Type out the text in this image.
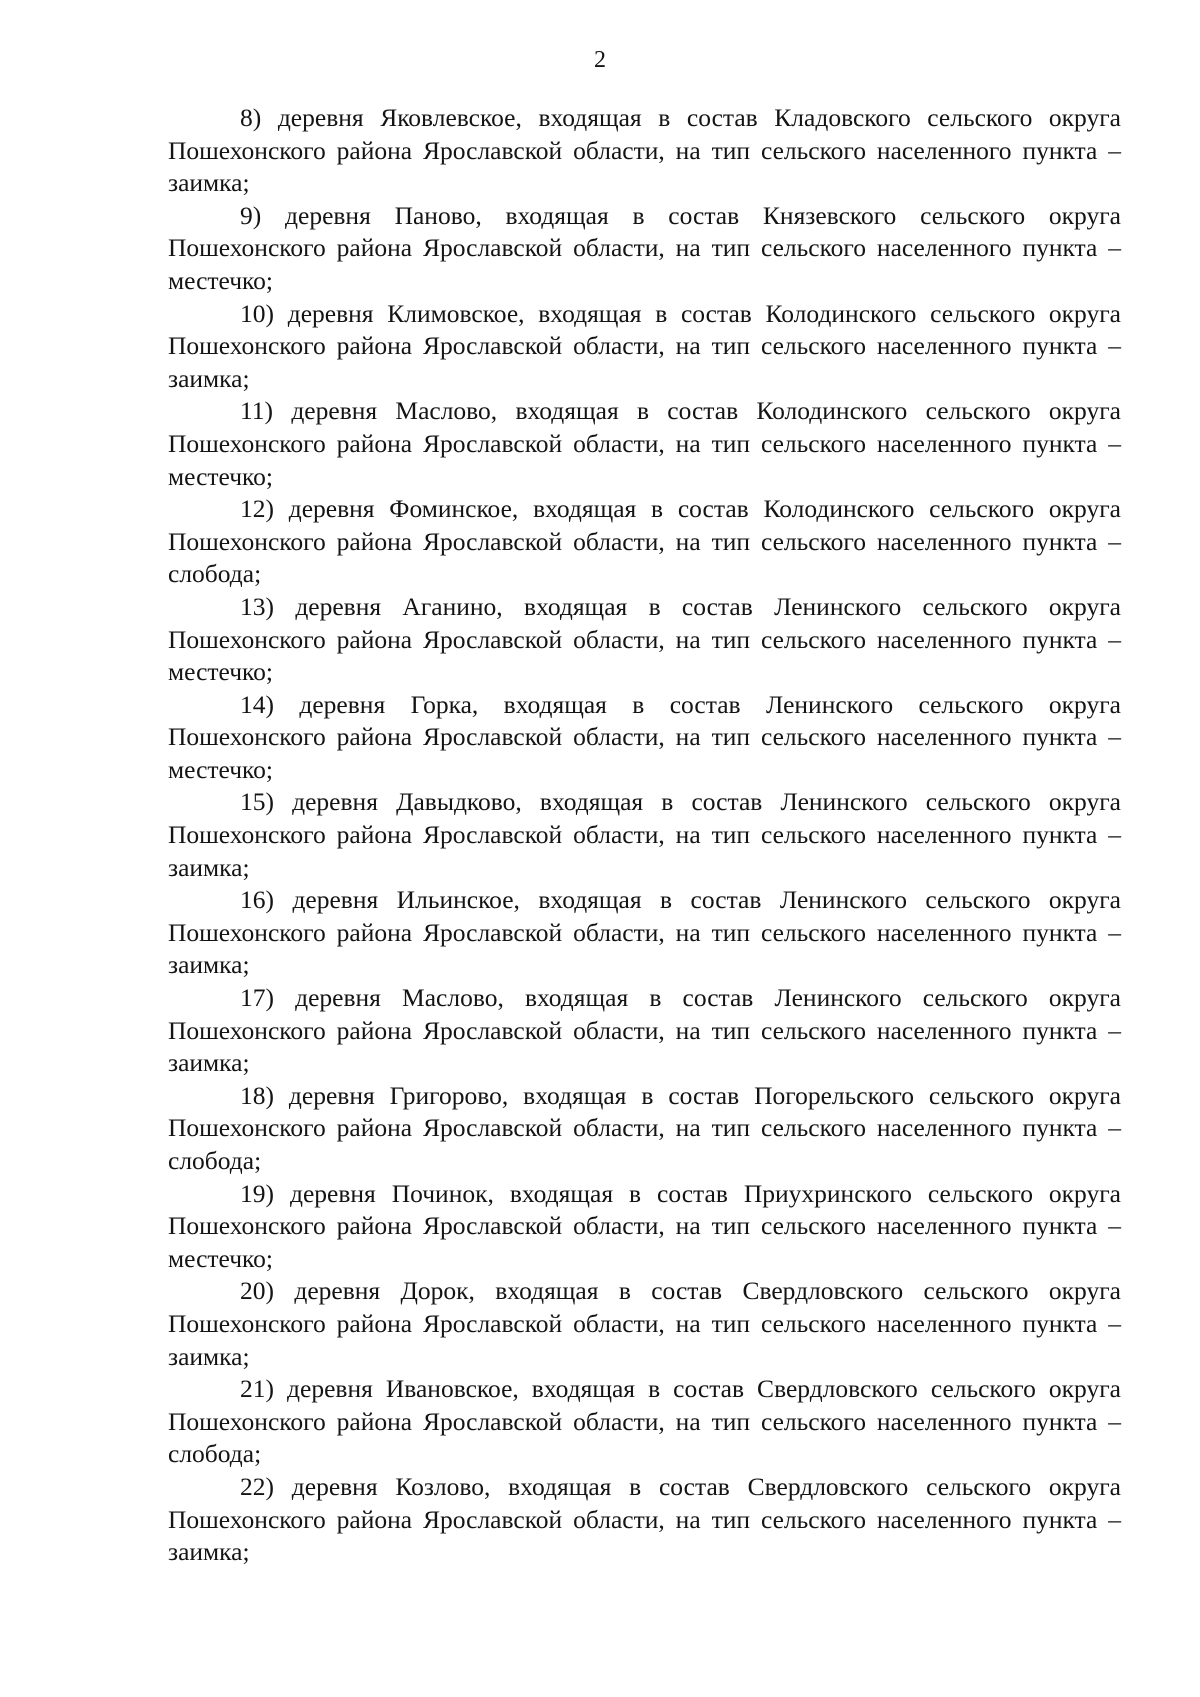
2

8) деревня Яковлевское, входящая в состав Кладовского сельского округа Пошехонского района Ярославской области, на тип сельского населенного пункта – заимка;

9) деревня Паново, входящая в состав Князевского сельского округа Пошехонского района Ярославской области, на тип сельского населенного пункта – местечко;

10) деревня Климовское, входящая в состав Колодинского сельского округа Пошехонского района Ярославской области, на тип сельского населенного пункта – заимка;

11) деревня Маслово, входящая в состав Колодинского сельского округа Пошехонского района Ярославской области, на тип сельского населенного пункта – местечко;

12) деревня Фоминское, входящая в состав Колодинского сельского округа Пошехонского района Ярославской области, на тип сельского населенного пункта – слобода;

13) деревня Аганино, входящая в состав Ленинского сельского округа Пошехонского района Ярославской области, на тип сельского населенного пункта – местечко;

14) деревня Горка, входящая в состав Ленинского сельского округа Пошехонского района Ярославской области, на тип сельского населенного пункта – местечко;

15) деревня Давыдково, входящая в состав Ленинского сельского округа Пошехонского района Ярославской области, на тип сельского населенного пункта – заимка;

16) деревня Ильинское, входящая в состав Ленинского сельского округа Пошехонского района Ярославской области, на тип сельского населенного пункта – заимка;

17) деревня Маслово, входящая в состав Ленинского сельского округа Пошехонского района Ярославской области, на тип сельского населенного пункта – заимка;

18) деревня Григорово, входящая в состав Погорельского сельского округа Пошехонского района Ярославской области, на тип сельского населенного пункта – слобода;

19) деревня Починок, входящая в состав Приухринского сельского округа Пошехонского района Ярославской области, на тип сельского населенного пункта – местечко;

20) деревня Дорок, входящая в состав Свердловского сельского округа Пошехонского района Ярославской области, на тип сельского населенного пункта – заимка;

21) деревня Ивановское, входящая в состав Свердловского сельского округа Пошехонского района Ярославской области, на тип сельского населенного пункта – слобода;

22) деревня Козлово, входящая в состав Свердловского сельского округа Пошехонского района Ярославской области, на тип сельского населенного пункта – заимка;
